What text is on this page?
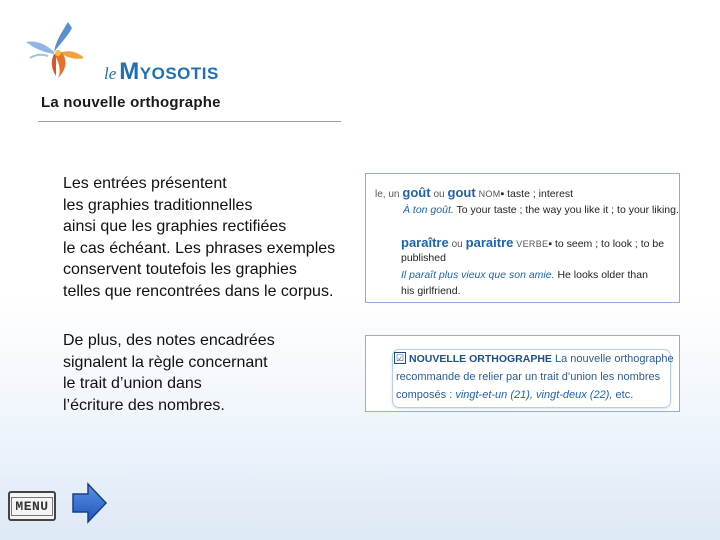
le Myosotis
La nouvelle orthographe

Les entrées présentent
les graphies traditionnelles
ainsi que les graphies rectifiées
le cas échéant. Les phrases exemples
conservent toutefois les graphies
telles que rencontrées dans le corpus.

De plus, des notes encadrées
signalent la règle concernant
le trait d’union dans
l’écriture des nombres.

le, un goût ou gout NOM▪ taste ; interest
À ton goût. To your taste ; the way you like it ; to your liking.
paraître ou paraitre VERBE▪ to seem ; to look ; to be
published
Il paraît plus vieux que son amie. He looks older than
his girlfriend.
NOUVELLE ORTHOGRAPHE La nouvelle orthographe
recommande de relier par un trait d’union les nombres
composés : vingt-et-un (21), vingt-deux (22), etc.
☑
MENU
